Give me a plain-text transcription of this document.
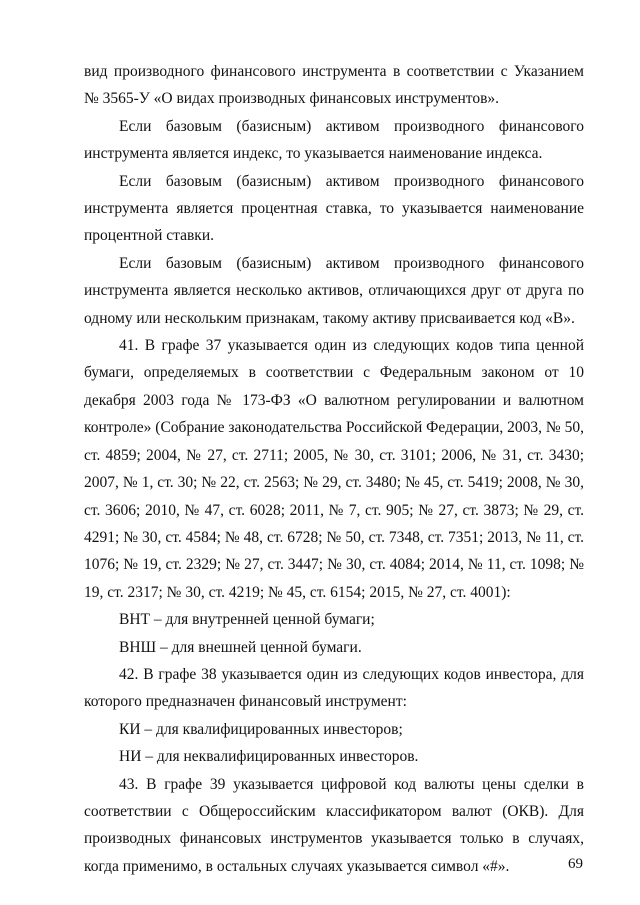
вид производного финансового инструмента в соответствии с Указанием № 3565-У «О видах производных финансовых инструментов».

Если базовым (базисным) активом производного финансового инструмента является индекс, то указывается наименование индекса.

Если базовым (базисным) активом производного финансового инструмента является процентная ставка, то указывается наименование процентной ставки.

Если базовым (базисным) активом производного финансового инструмента является несколько активов, отличающихся друг от друга по одному или нескольким признакам, такому активу присваивается код «В».

41. В графе 37 указывается один из следующих кодов типа ценной бумаги, определяемых в соответствии с Федеральным законом от 10 декабря 2003 года № 173-ФЗ «О валютном регулировании и валютном контроле» (Собрание законодательства Российской Федерации, 2003, № 50, ст. 4859; 2004, № 27, ст. 2711; 2005, № 30, ст. 3101; 2006, № 31, ст. 3430; 2007, № 1, ст. 30; № 22, ст. 2563; № 29, ст. 3480; № 45, ст. 5419; 2008, № 30, ст. 3606; 2010, № 47, ст. 6028; 2011, № 7, ст. 905; № 27, ст. 3873; № 29, ст. 4291; № 30, ст. 4584; № 48, ст. 6728; № 50, ст. 7348, ст. 7351; 2013, № 11, ст. 1076; № 19, ст. 2329; № 27, ст. 3447; № 30, ст. 4084; 2014, № 11, ст. 1098; № 19, ст. 2317; № 30, ст. 4219; № 45, ст. 6154; 2015, № 27, ст. 4001):

ВНТ – для внутренней ценной бумаги;

ВНШ – для внешней ценной бумаги.

42. В графе 38 указывается один из следующих кодов инвестора, для которого предназначен финансовый инструмент:

КИ – для квалифицированных инвесторов;

НИ – для неквалифицированных инвесторов.

43. В графе 39 указывается цифровой код валюты цены сделки в соответствии с Общероссийским классификатором валют (ОКВ). Для производных финансовых инструментов указывается только в случаях, когда применимо, в остальных случаях указывается символ «#».	69
